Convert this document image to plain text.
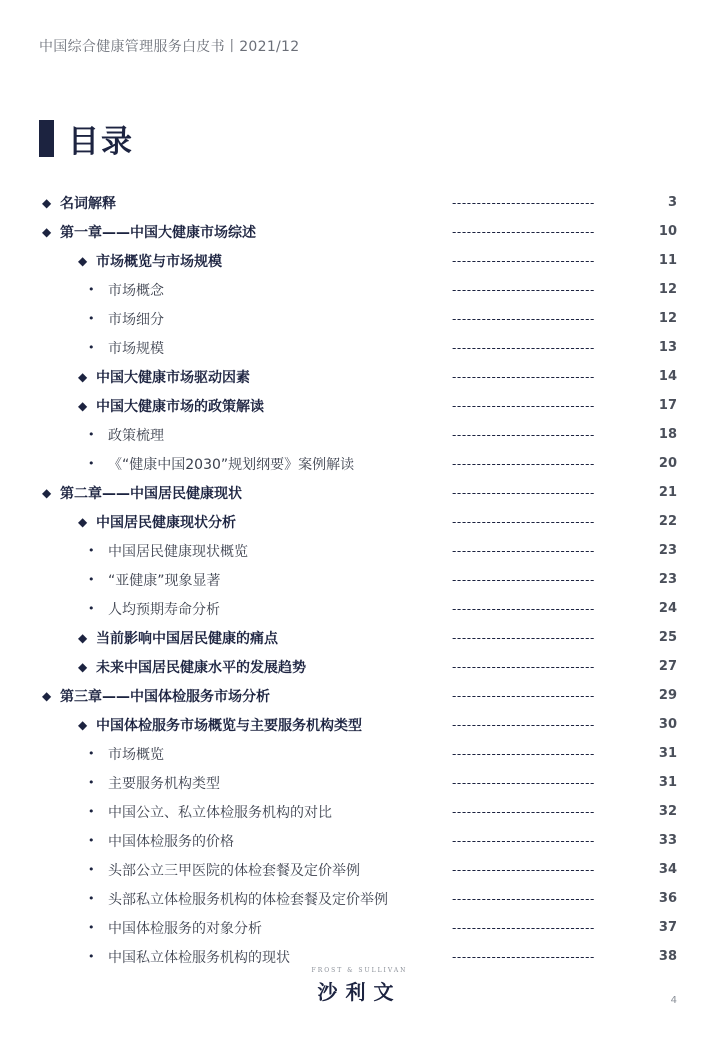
中国综合健康管理服务白皮书丨2021/12
目录
◆ 名词解释	-----------------------------	3
◆ 第一章——中国大健康市场综述	-----------------------------	10
◆ 市场概览与市场规模	-----------------------------	11
• 市场概念	-----------------------------	12
• 市场细分	-----------------------------	12
• 市场规模	-----------------------------	13
◆ 中国大健康市场驱动因素	-----------------------------	14
◆ 中国大健康市场的政策解读	-----------------------------	17
• 政策梳理	-----------------------------	18
• 《“健康中国2030”规划纲要》案例解读	-----------------------------	20
◆ 第二章——中国居民健康现状	-----------------------------	21
◆ 中国居民健康现状分析	-----------------------------	22
• 中国居民健康现状概览	-----------------------------	23
• “亚健康”现象显著	-----------------------------	23
• 人均预期寿命分析	-----------------------------	24
◆ 当前影响中国居民健康的痛点	-----------------------------	25
◆ 未来中国居民健康水平的发展趋势	-----------------------------	27
◆ 第三章——中国体检服务市场分析	-----------------------------	29
◆ 中国体检服务市场概览与主要服务机构类型	-----------------------------	30
• 市场概览	-----------------------------	31
• 主要服务机构类型	-----------------------------	31
• 中国公立、私立体检服务机构的对比	-----------------------------	32
• 中国体检服务的价格	-----------------------------	33
• 头部公立三甲医院的体检套餐及定价举例	-----------------------------	34
• 头部私立体检服务机构的体检套餐及定价举例	-----------------------------	36
• 中国体检服务的对象分析	-----------------------------	37
• 中国私立体检服务机构的现状	-----------------------------	38
FROST & SULLIVAN
沙利文	4
